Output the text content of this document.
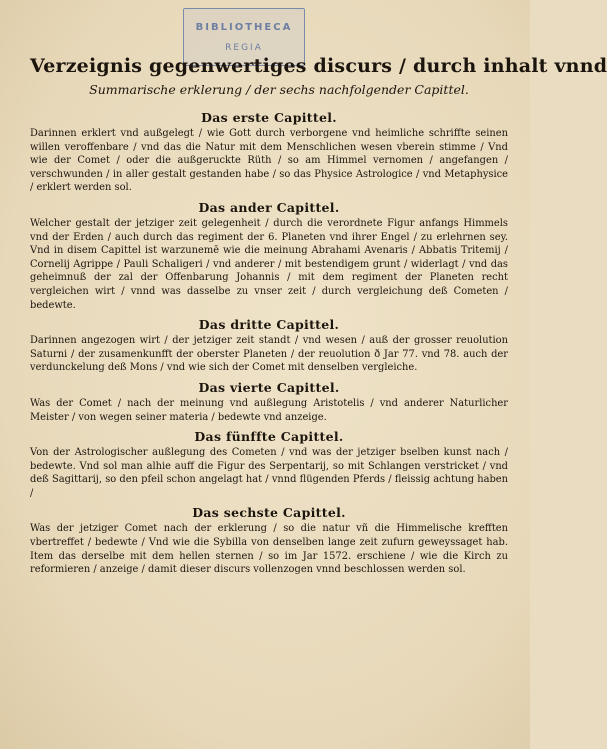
BIBLIOTHECA
REGIA
Verzeignis gegenwertiges discurs / durch inhalt vnnd
Summarische erklerung / der sechs nachfolgender Capittel.
Das erste Capittel.

Darinnen erklert vnd außgelegt / wie Gott durch verborgene vnd heimliche schriffte seinen willen veroffenbare / vnd das die Natur mit dem Menschlichen wesen vberein stimme / Vnd wie der Comet / oder die außgeruckte Rüth / so am Himmel vernomen / angefangen / verschwunden / in aller gestalt gestanden habe / so das Physice Astrologice / vnd Metaphysice / erklert werden sol.

Das ander Capittel.

Welcher gestalt der jetziger zeit gelegenheit / durch die verordnete Figur anfangs Himmels vnd der Erden / auch durch das regiment der 6. Planeten vnd ihrer Engel / zu erlehrnen sey. Vnd in disem Capittel ist warzunemē wie die meinung Abrahami Avenaris / Abbatis Tritemij / Cornelij Agrippe / Pauli Schaligeri / vnd anderer / mit bestendigem grunt / widerlagt / vnd das geheimnuß der zal der Offenbarung Johannis / mit dem regiment der Planeten recht vergleichen wirt / vnnd was dasselbe zu vnser zeit / durch vergleichung deß Cometen / bedewte.

Das dritte Capittel.

Darinnen angezogen wirt / der jetziger zeit standt / vnd wesen / auß der grosser reuolution Saturni / der zusamenkunfft der oberster Planeten / der reuolution ð Jar 77. vnd 78. auch der verdunckelung deß Mons / vnd wie sich der Comet mit denselben vergleiche.

Das vierte Capittel.

Was der Comet / nach der meinung vnd außlegung Aristotelis / vnd anderer Naturlicher Meister / von wegen seiner materia / bedewte vnd anzeige.

Das fünffte Capittel.

Von der Astrologischer außlegung des Cometen / vnd was der jetziger bselben kunst nach / bedewte. Vnd sol man alhie auff die Figur des Serpentarij, so mit Schlangen verstricket / vnd deß Sagittarij, so den pfeil schon angelagt hat / vnnd flügenden Pferds / fleissig achtung haben /

Das sechste Capittel.

Was der jetziger Comet nach der erklerung / so die natur vñ die Himmelische krefften vbertreffet / bedewte / Vnd wie die Sybilla von denselben lange zeit zufurn geweyssaget hab. Item das derselbe mit dem hellen sternen / so im Jar 1572. erschiene / wie die Kirch zu reformieren / anzeige / damit dieser discurs vollenzogen vnnd beschlossen werden sol.
